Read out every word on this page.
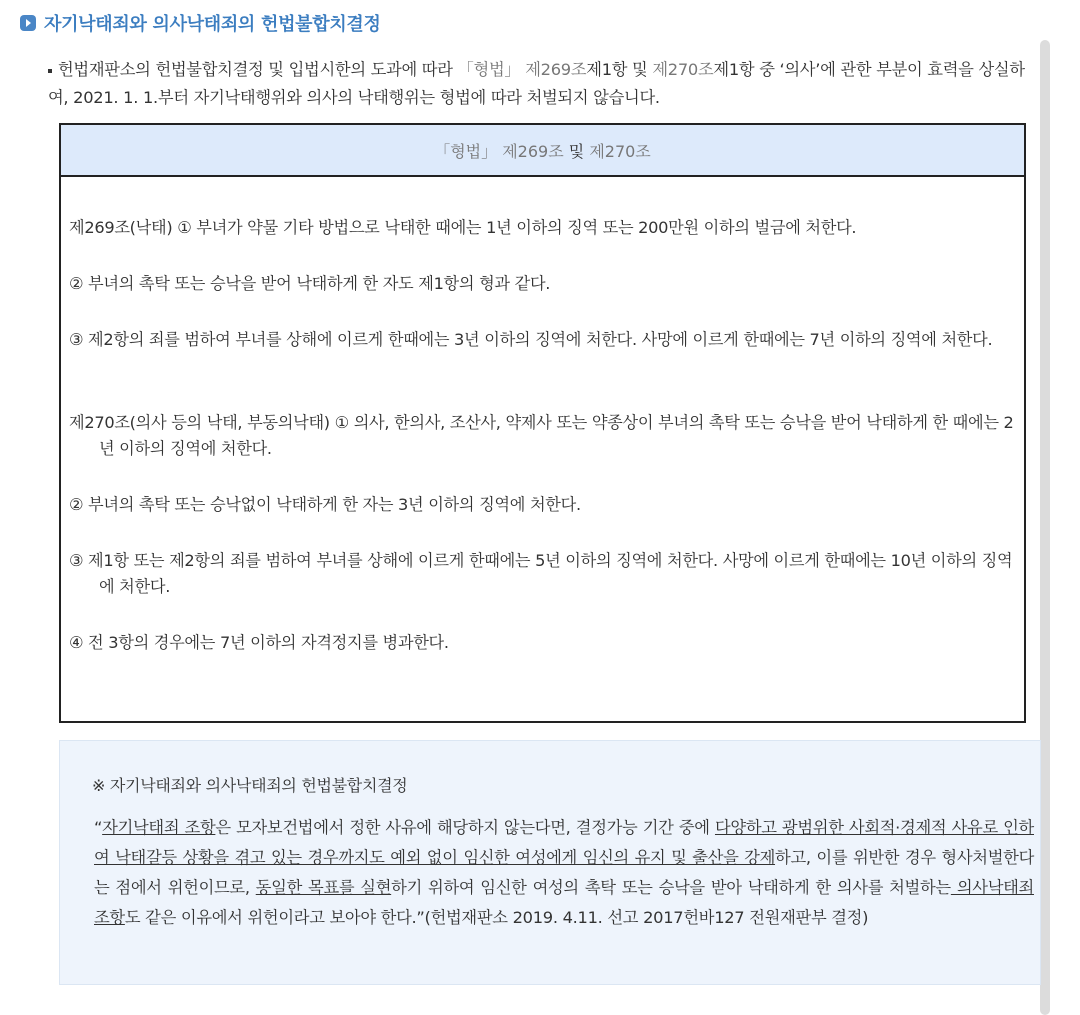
자기낙태죄와 의사낙태죄의 헌법불합치결정
헌법재판소의 헌법불합치결정 및 입법시한의 도과에 따라 「형법」 제269조제1항 및 제270조제1항 중 ‘의사’에 관한 부분이 효력을 상실하여, 2021. 1. 1.부터 자기낙태행위와 의사의 낙태행위는 형법에 따라 처벌되지 않습니다.
「형법」 제269조 및 제270조

제269조(낙태) ① 부녀가 약물 기타 방법으로 낙태한 때에는 1년 이하의 징역 또는 200만원 이하의 벌금에 처한다.

② 부녀의 촉탁 또는 승낙을 받어 낙태하게 한 자도 제1항의 형과 같다.

③ 제2항의 죄를 범하여 부녀를 상해에 이르게 한때에는 3년 이하의 징역에 처한다. 사망에 이르게 한때에는 7년 이하의 징역에 처한다.

제270조(의사 등의 낙태, 부동의낙태) ① 의사, 한의사, 조산사, 약제사 또는 약종상이 부녀의 촉탁 또는 승낙을 받어 낙태하게 한 때에는 2년 이하의 징역에 처한다.

② 부녀의 촉탁 또는 승낙없이 낙태하게 한 자는 3년 이하의 징역에 처한다.

③ 제1항 또는 제2항의 죄를 범하여 부녀를 상해에 이르게 한때에는 5년 이하의 징역에 처한다. 사망에 이르게 한때에는 10년 이하의 징역에 처한다.

④ 전 3항의 경우에는 7년 이하의 자격정지를 병과한다.

※ 자기낙태죄와 의사낙태죄의 헌법불합치결정
“자기낙태죄 조항은 모자보건법에서 정한 사유에 해당하지 않는다면, 결정가능 기간 중에 다양하고 광범위한 사회적·경제적 사유로 인하여 낙태갈등 상황을 겪고 있는 경우까지도 예외 없이 임신한 여성에게 임신의 유지 및 출산을 강제하고, 이를 위반한 경우 형사처벌한다는 점에서 위헌이므로, 동일한 목표를 실현하기 위하여 임신한 여성의 촉탁 또는 승낙을 받아 낙태하게 한 의사를 처벌하는 의사낙태죄 조항도 같은 이유에서 위헌이라고 보아야 한다.”(헌법재판소 2019. 4.11. 선고 2017헌바127 전원재판부 결정)
